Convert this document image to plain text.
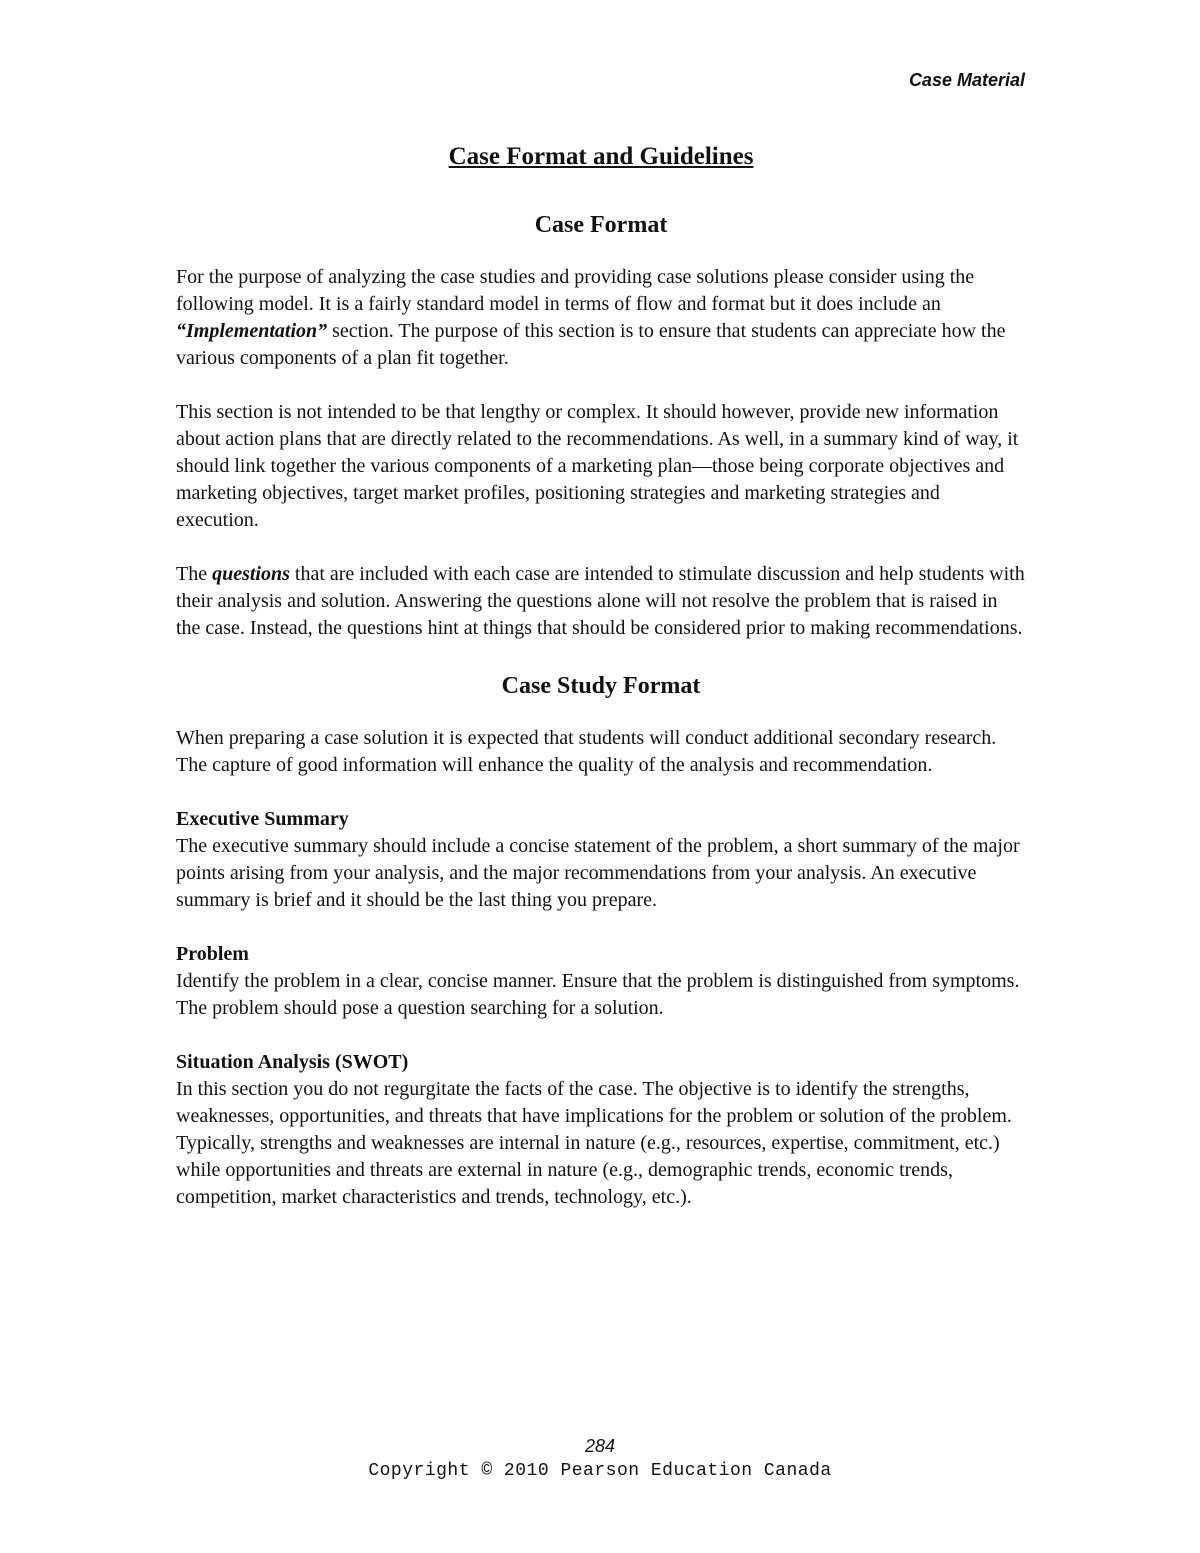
Case Material
Case Format and Guidelines
Case Format

For the purpose of analyzing the case studies and providing case solutions please consider using the following model. It is a fairly standard model in terms of flow and format but it does include an “Implementation” section. The purpose of this section is to ensure that students can appreciate how the various components of a plan fit together.

This section is not intended to be that lengthy or complex. It should however, provide new information about action plans that are directly related to the recommendations. As well, in a summary kind of way, it should link together the various components of a marketing plan—those being corporate objectives and marketing objectives, target market profiles, positioning strategies and marketing strategies and execution.

The questions that are included with each case are intended to stimulate discussion and help students with their analysis and solution. Answering the questions alone will not resolve the problem that is raised in the case. Instead, the questions hint at things that should be considered prior to making recommendations.

Case Study Format

When preparing a case solution it is expected that students will conduct additional secondary research. The capture of good information will enhance the quality of the analysis and recommendation.

Executive Summary

The executive summary should include a concise statement of the problem, a short summary of the major points arising from your analysis, and the major recommendations from your analysis. An executive summary is brief and it should be the last thing you prepare.

Problem

Identify the problem in a clear, concise manner. Ensure that the problem is distinguished from symptoms. The problem should pose a question searching for a solution.

Situation Analysis (SWOT)

In this section you do not regurgitate the facts of the case. The objective is to identify the strengths, weaknesses, opportunities, and threats that have implications for the problem or solution of the problem. Typically, strengths and weaknesses are internal in nature (e.g., resources, expertise, commitment, etc.) while opportunities and threats are external in nature (e.g., demographic trends, economic trends, competition, market characteristics and trends, technology, etc.).

284
Copyright © 2010 Pearson Education Canada
